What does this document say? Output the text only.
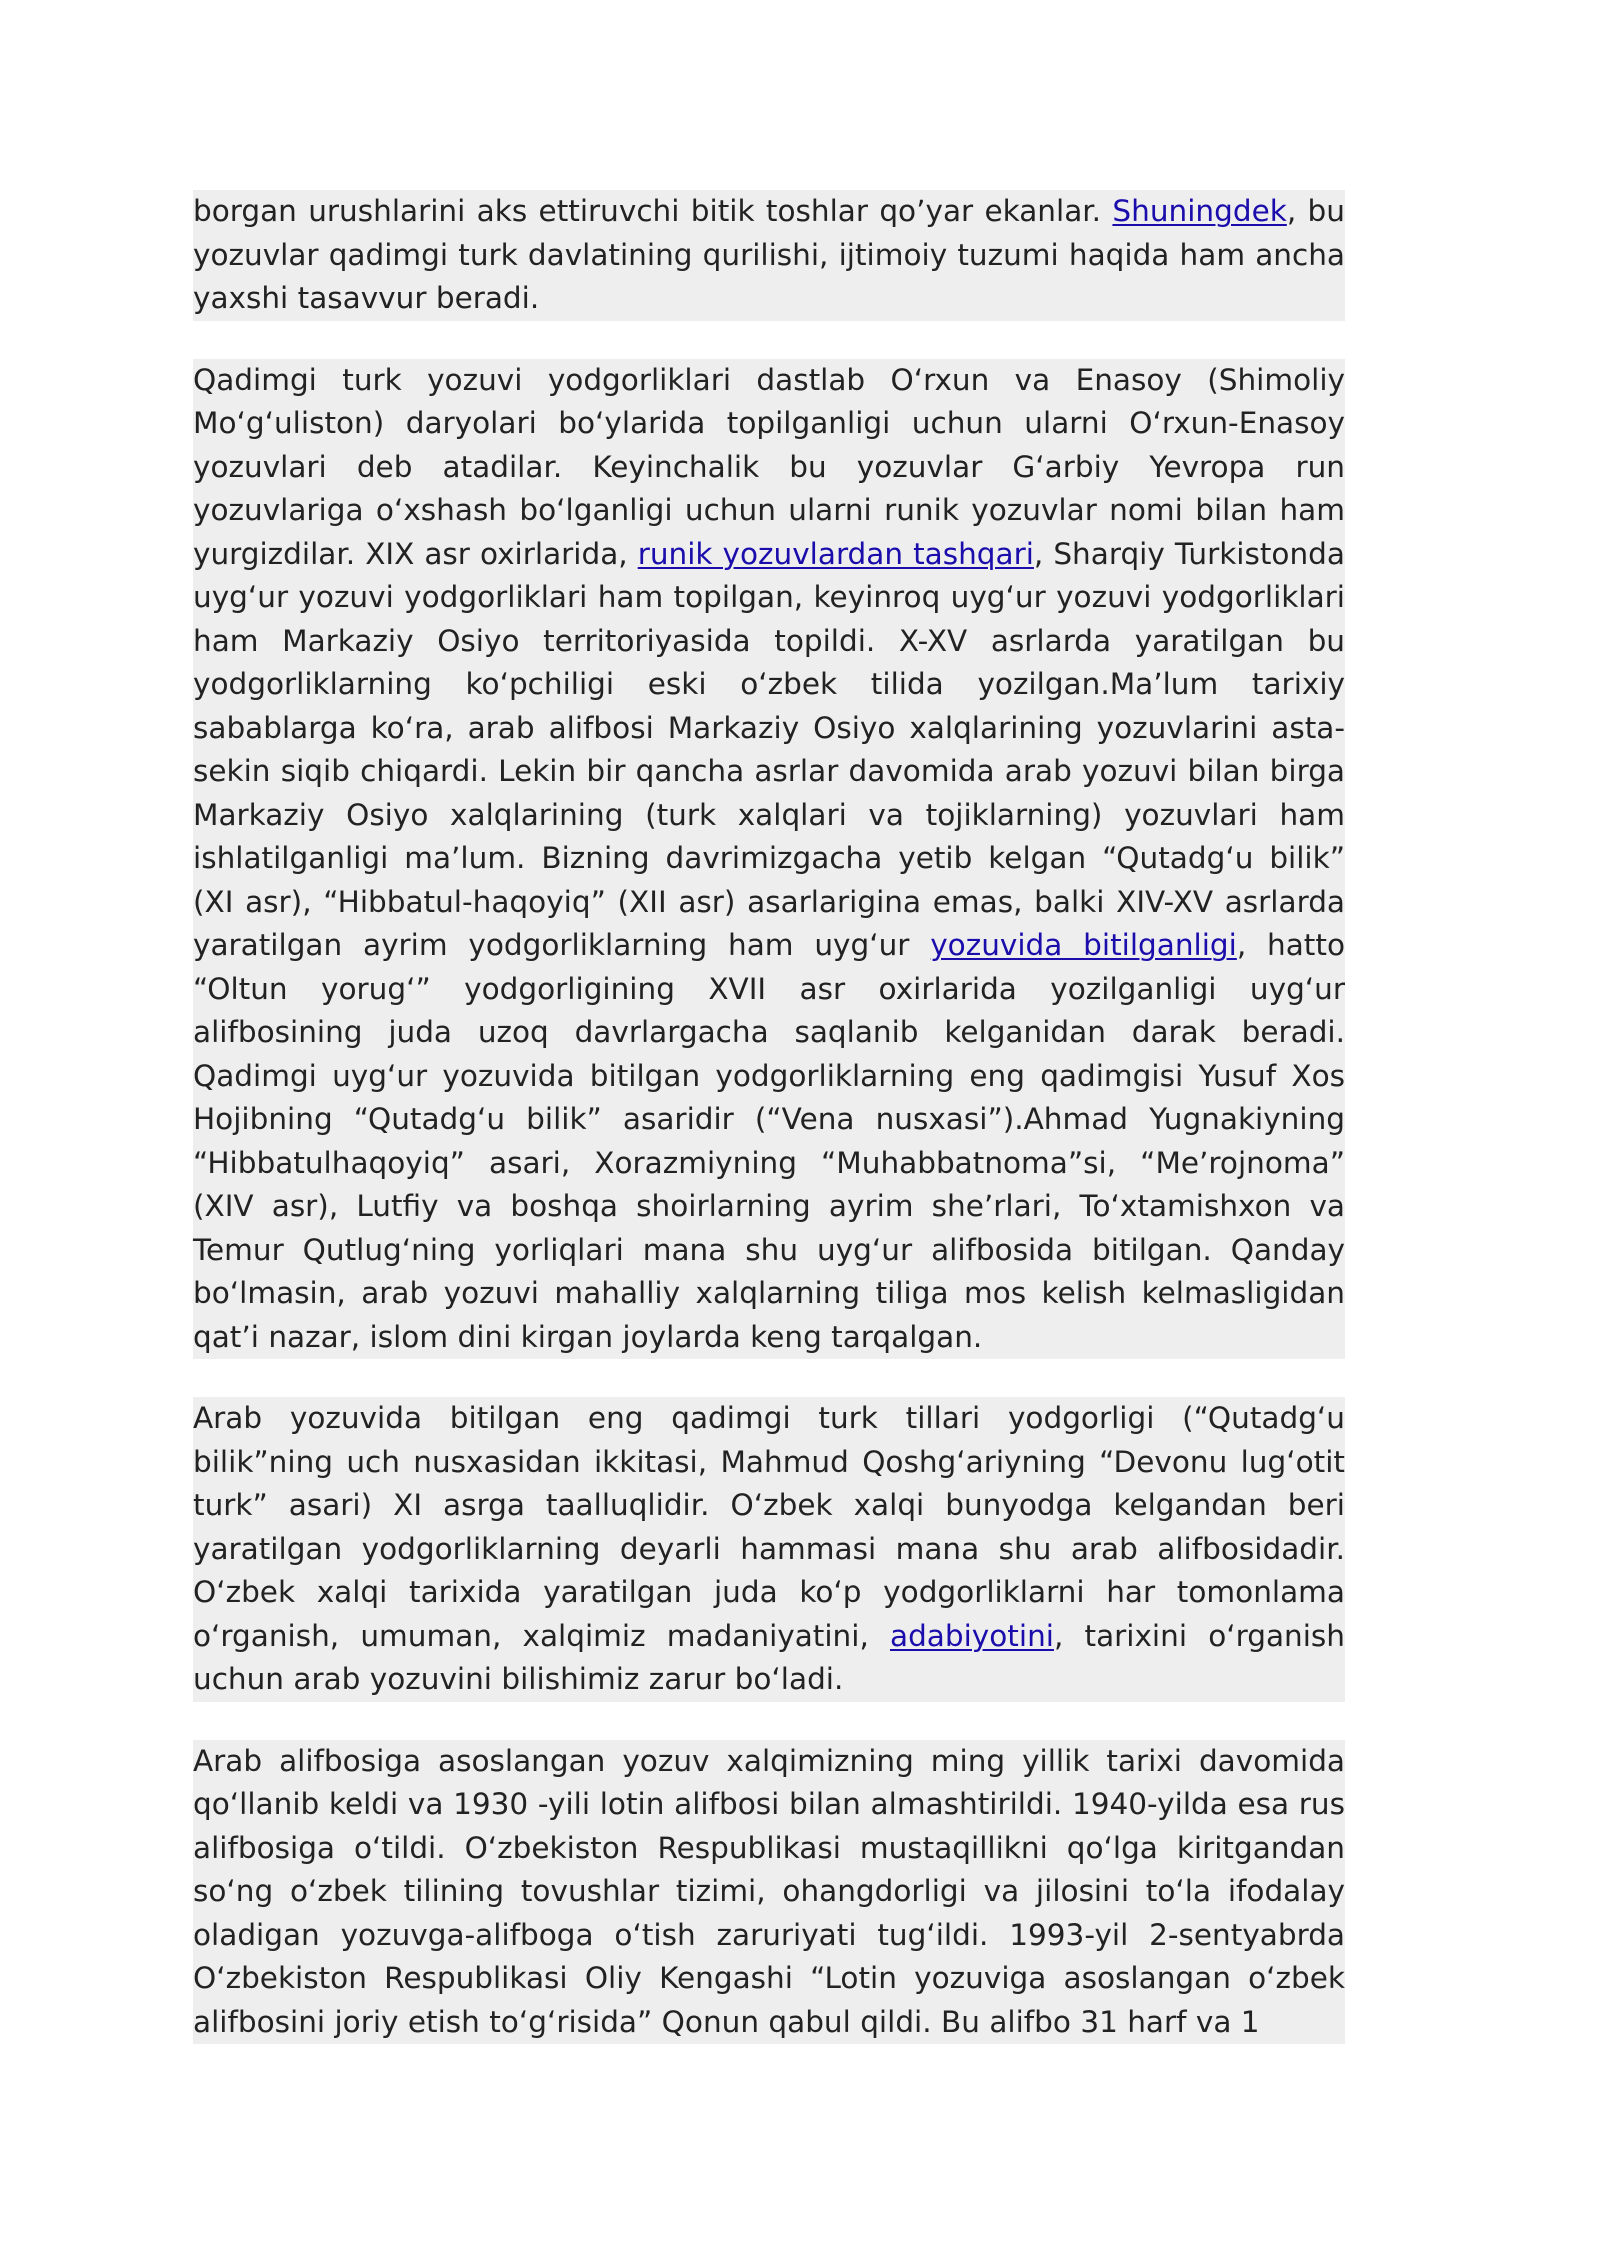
borgan urushlarini aks ettiruvchi bitik toshlar qo’yar ekanlar. Shuningdek, bu yozuvlar qadimgi turk davlatining qurilishi, ijtimoiy tuzumi haqida ham ancha yaxshi tasavvur beradi.

Qadimgi turk yozuvi yodgorliklari dastlab O‘rxun va Enasoy (Shimoliy Mo‘g‘uliston) daryolari bo‘ylarida topilganligi uchun ularni O‘rxun-Enasoy yozuvlari deb atadilar. Keyinchalik bu yozuvlar G‘arbiy Yevropa run yozuvlariga o‘xshash bo‘lganligi uchun ularni runik yozuvlar nomi bilan ham yurgizdilar. XIX asr oxirlarida, runik yozuvlardan tashqari, Sharqiy Turkistonda uyg‘ur yozuvi yodgorliklari ham topilgan, keyinroq uyg‘ur yozuvi yodgorliklari ham Markaziy Osiyo territoriyasida topildi. X-XV asrlarda yaratilgan bu yodgorliklarning ko‘pchiligi eski o‘zbek tilida yozilgan.Ma’lum tarixiy sabablarga ko‘ra, arab alifbosi Markaziy Osiyo xalqlarining yozuvlarini asta-sekin siqib chiqardi. Lekin bir qancha asrlar davomida arab yozuvi bilan birga Markaziy Osiyo xalqlarining (turk xalqlari va tojiklarning) yozuvlari ham ishlatilganligi ma’lum. Bizning davrimizgacha yetib kelgan “Qutadg‘u bilik” (XI asr), “Hibbatul-haqoyiq” (XII asr) asarlarigina emas, balki XIV-XV asrlarda yaratilgan ayrim yodgorliklarning ham uyg‘ur yozuvida bitilganligi, hatto “Oltun yorug‘” yodgorligining XVII asr oxirlarida yozilganligi uyg‘ur alifbosining juda uzoq davrlargacha saqlanib kelganidan darak beradi. Qadimgi uyg‘ur yozuvida bitilgan yodgorliklarning eng qadimgisi Yusuf Xos Hojibning “Qutadg‘u bilik” asaridir (“Vena nusxasi”).Ahmad Yugnakiyning “Hibbatulhaqoyiq” asari, Xorazmiyning “Muhabbatnoma”si, “Me’rojnoma” (XIV asr), Lutfiy va boshqa shoirlarning ayrim she’rlari, To‘xtamishxon va Temur Qutlug‘ning yorliqlari mana shu uyg‘ur alifbosida bitilgan. Qanday bo‘lmasin, arab yozuvi mahalliy xalqlarning tiliga mos kelish kelmasligidan qat’i nazar, islom dini kirgan joylarda keng tarqalgan.

Arab yozuvida bitilgan eng qadimgi turk tillari yodgorligi (“Qutadg‘u bilik”ning uch nusxasidan ikkitasi, Mahmud Qoshg‘ariyning “Devonu lug‘otit turk” asari) XI asrga taalluqlidir. O‘zbek xalqi bunyodga kelgandan beri yaratilgan yodgorliklarning deyarli hammasi mana shu arab alifbosidadir. O‘zbek xalqi tarixida yaratilgan juda ko‘p yodgorliklarni har tomonlama o‘rganish, umuman, xalqimiz madaniyatini, adabiyotini, tarixini o‘rganish uchun arab yozuvini bilishimiz zarur bo‘ladi.

Arab alifbosiga asoslangan yozuv xalqimizning ming yillik tarixi davomida qo‘llanib keldi va 1930 -yili lotin alifbosi bilan almashtirildi. 1940-yilda esa rus alifbosiga o‘tildi. O‘zbekiston Respublikasi mustaqillikni qo‘lga kiritgandan so‘ng o‘zbek tilining tovushlar tizimi, ohangdorligi va jilosini to‘la ifodalay oladigan yozuvga-alifboga o‘tish zaruriyati tug‘ildi. 1993-yil 2-sentyabrda O‘zbekiston Respublikasi Oliy Kengashi “Lotin yozuviga asoslangan o‘zbek alifbosini joriy etish to‘g‘risida” Qonun qabul qildi. Bu alifbo 31 harf va 1
